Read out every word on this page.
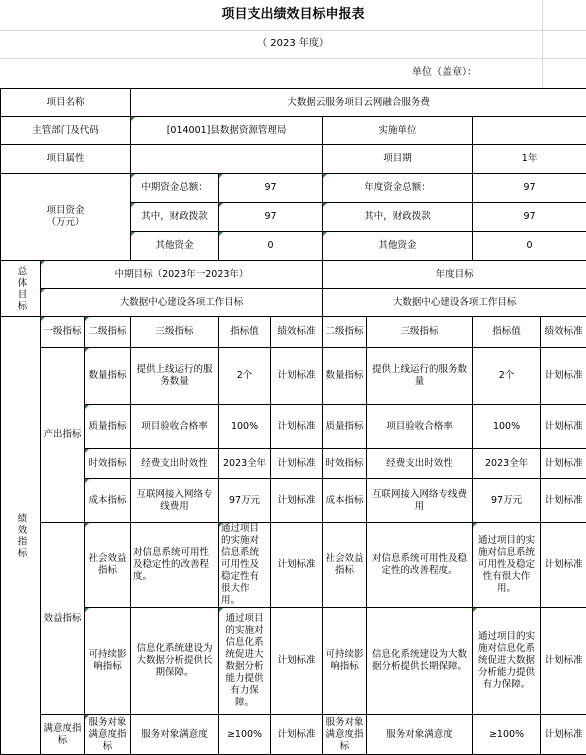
项目支出绩效目标申报表
（ 2023 年度）
单位（盖章）：
项目名称			大数据云服务项目云网融合服务费						
主管部门及代码			[014001]县数据资源管理局			实施单位			
项目属性						项目期		1年	
项目资金
（万元）			中期资金总额：	97		年度资金总额：		97	
			其中，财政拨款	97		其中，财政拨款		97	
			其他资金	0		其他资金		0	
总体目标	中期目标（2023年一2023年）					年度目标			
	大数据中心建设各项工作目标					大数据中心建设各项工作目标			
绩效指标	一级指标	二级指标	三级指标	指标值	绩效标准	二级指标	三级指标	指标值	绩效标准
	产出指标	数量指标	提供上线运行的服务数量	2个	计划标准	数量指标	提供上线运行的服务数量	2个	计划标准
		质量指标	项目验收合格率	100%	计划标准	质量指标	项目验收合格率	100%	计划标准
		时效指标	经费支出时效性	2023全年	计划标准	时效指标	经费支出时效性	2023全年	计划标准
		成本指标	互联网接入网络专线费用	97万元	计划标准	成本指标	互联网接入网络专线费用	97万元	计划标准
	效益指标	社会效益指标	对信息系统可用性及稳定性的改善程度。	通过项目的实施对信息系统可用性及稳定性有很大作用。	计划标准	社会效益指标	对信息系统可用性及稳定性的改善程度。	通过项目的实施对信息系统可用性及稳定性有很大作用。	计划标准
		可持续影响指标	信息化系统建设为大数据分析提供长期保障。	通过项目的实施对信息化系统促进大数据分析能力提供有力保障。	计划标准	可持续影响指标	信息化系统建设为大数据分析提供长期保障。	通过项目的实施对信息化系统促进大数据分析能力提供有力保障。	计划标准
	满意度指标	服务对象满意度指标	服务对象满意度	≥100%	计划标准	服务对象满意度指标	服务对象满意度	≥100%	计划标准
